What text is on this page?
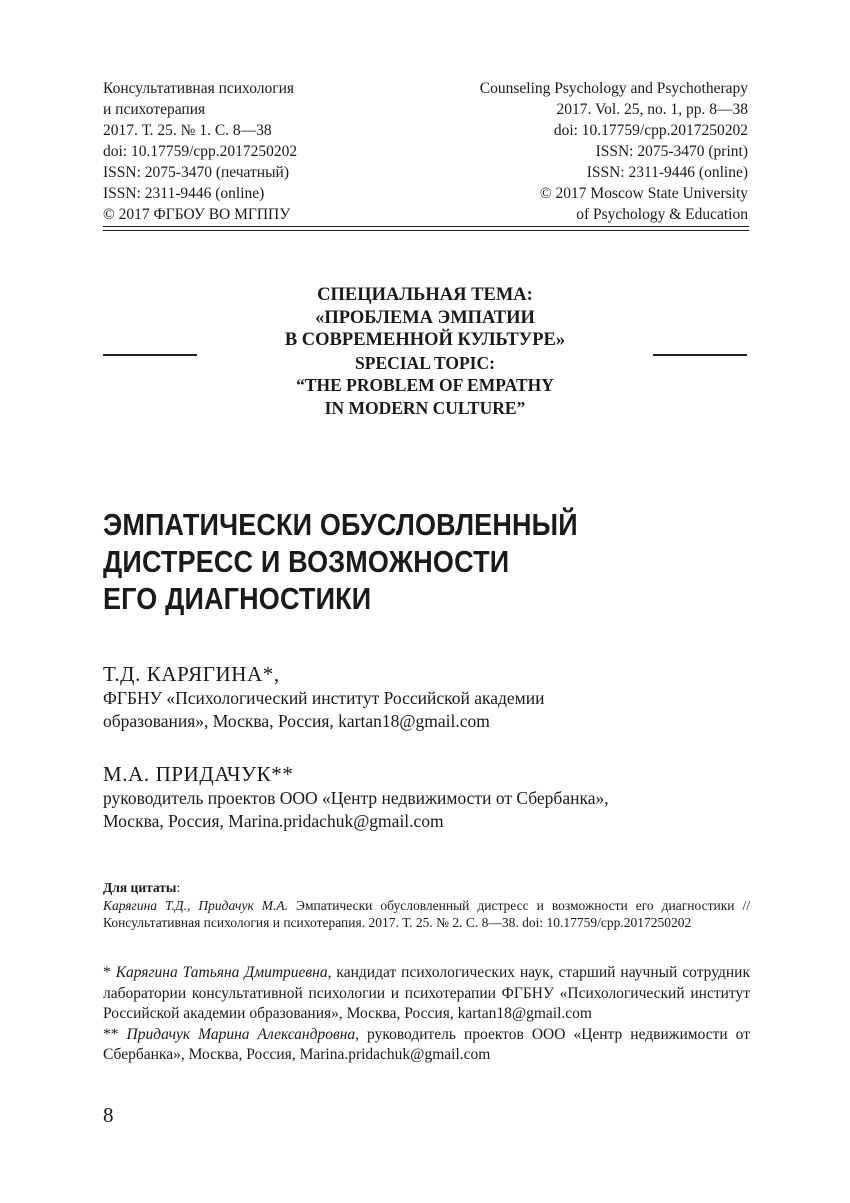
Консультативная психология
и психотерапия
2017. Т. 25. № 1. С. 8—38
doi: 10.17759/cpp.2017250202
ISSN: 2075-3470 (печатный)
ISSN: 2311-9446 (online)
© 2017 ФГБОУ ВО МГППУ
Counseling Psychology and Psychotherapy
2017. Vol. 25, no. 1, pp. 8—38
doi: 10.17759/cpp.2017250202
ISSN: 2075-3470 (print)
ISSN: 2311-9446 (online)
© 2017 Moscow State University
of Psychology & Education
СПЕЦИАЛЬНАЯ ТЕМА:
«ПРОБЛЕМА ЭМПАТИИ
В СОВРЕМЕННОЙ КУЛЬТУРЕ»
SPECIAL TOPIC:
“THE PROBLEM OF EMPATHY
IN MODERN CULTURE”
ЭМПАТИЧЕСКИ ОБУСЛОВЛЕННЫЙ
ДИСТРЕСС И ВОЗМОЖНОСТИ
ЕГО ДИАГНОСТИКИ
Т.Д. КАРЯГИНА*,
ФГБНУ «Психологический институт Российской академии
образования», Москва, Россия, kartan18@gmail.com
М.А. ПРИДАЧУК**
руководитель проектов ООО «Центр недвижимости от Сбербанка»,
Москва, Россия, Marina.pridachuk@gmail.com
Для цитаты:
Карягина Т.Д., Придачук М.А. Эмпатически обусловленный дистресс и возможности его диагностики // Консультативная психология и психотерапия. 2017. Т. 25. № 2. С. 8—38. doi: 10.17759/cpp.2017250202

* Карягина Татьяна Дмитриевна, кандидат психологических наук, старший научный сотрудник лаборатории консультативной психологии и психотерапии ФГБНУ «Психологический институт Российской академии образования», Москва, Россия, kartan18@gmail.com

** Придачук Марина Александровна, руководитель проектов ООО «Центр недвижимости от Сбербанка», Москва, Россия, Marina.pridachuk@gmail.com

8
